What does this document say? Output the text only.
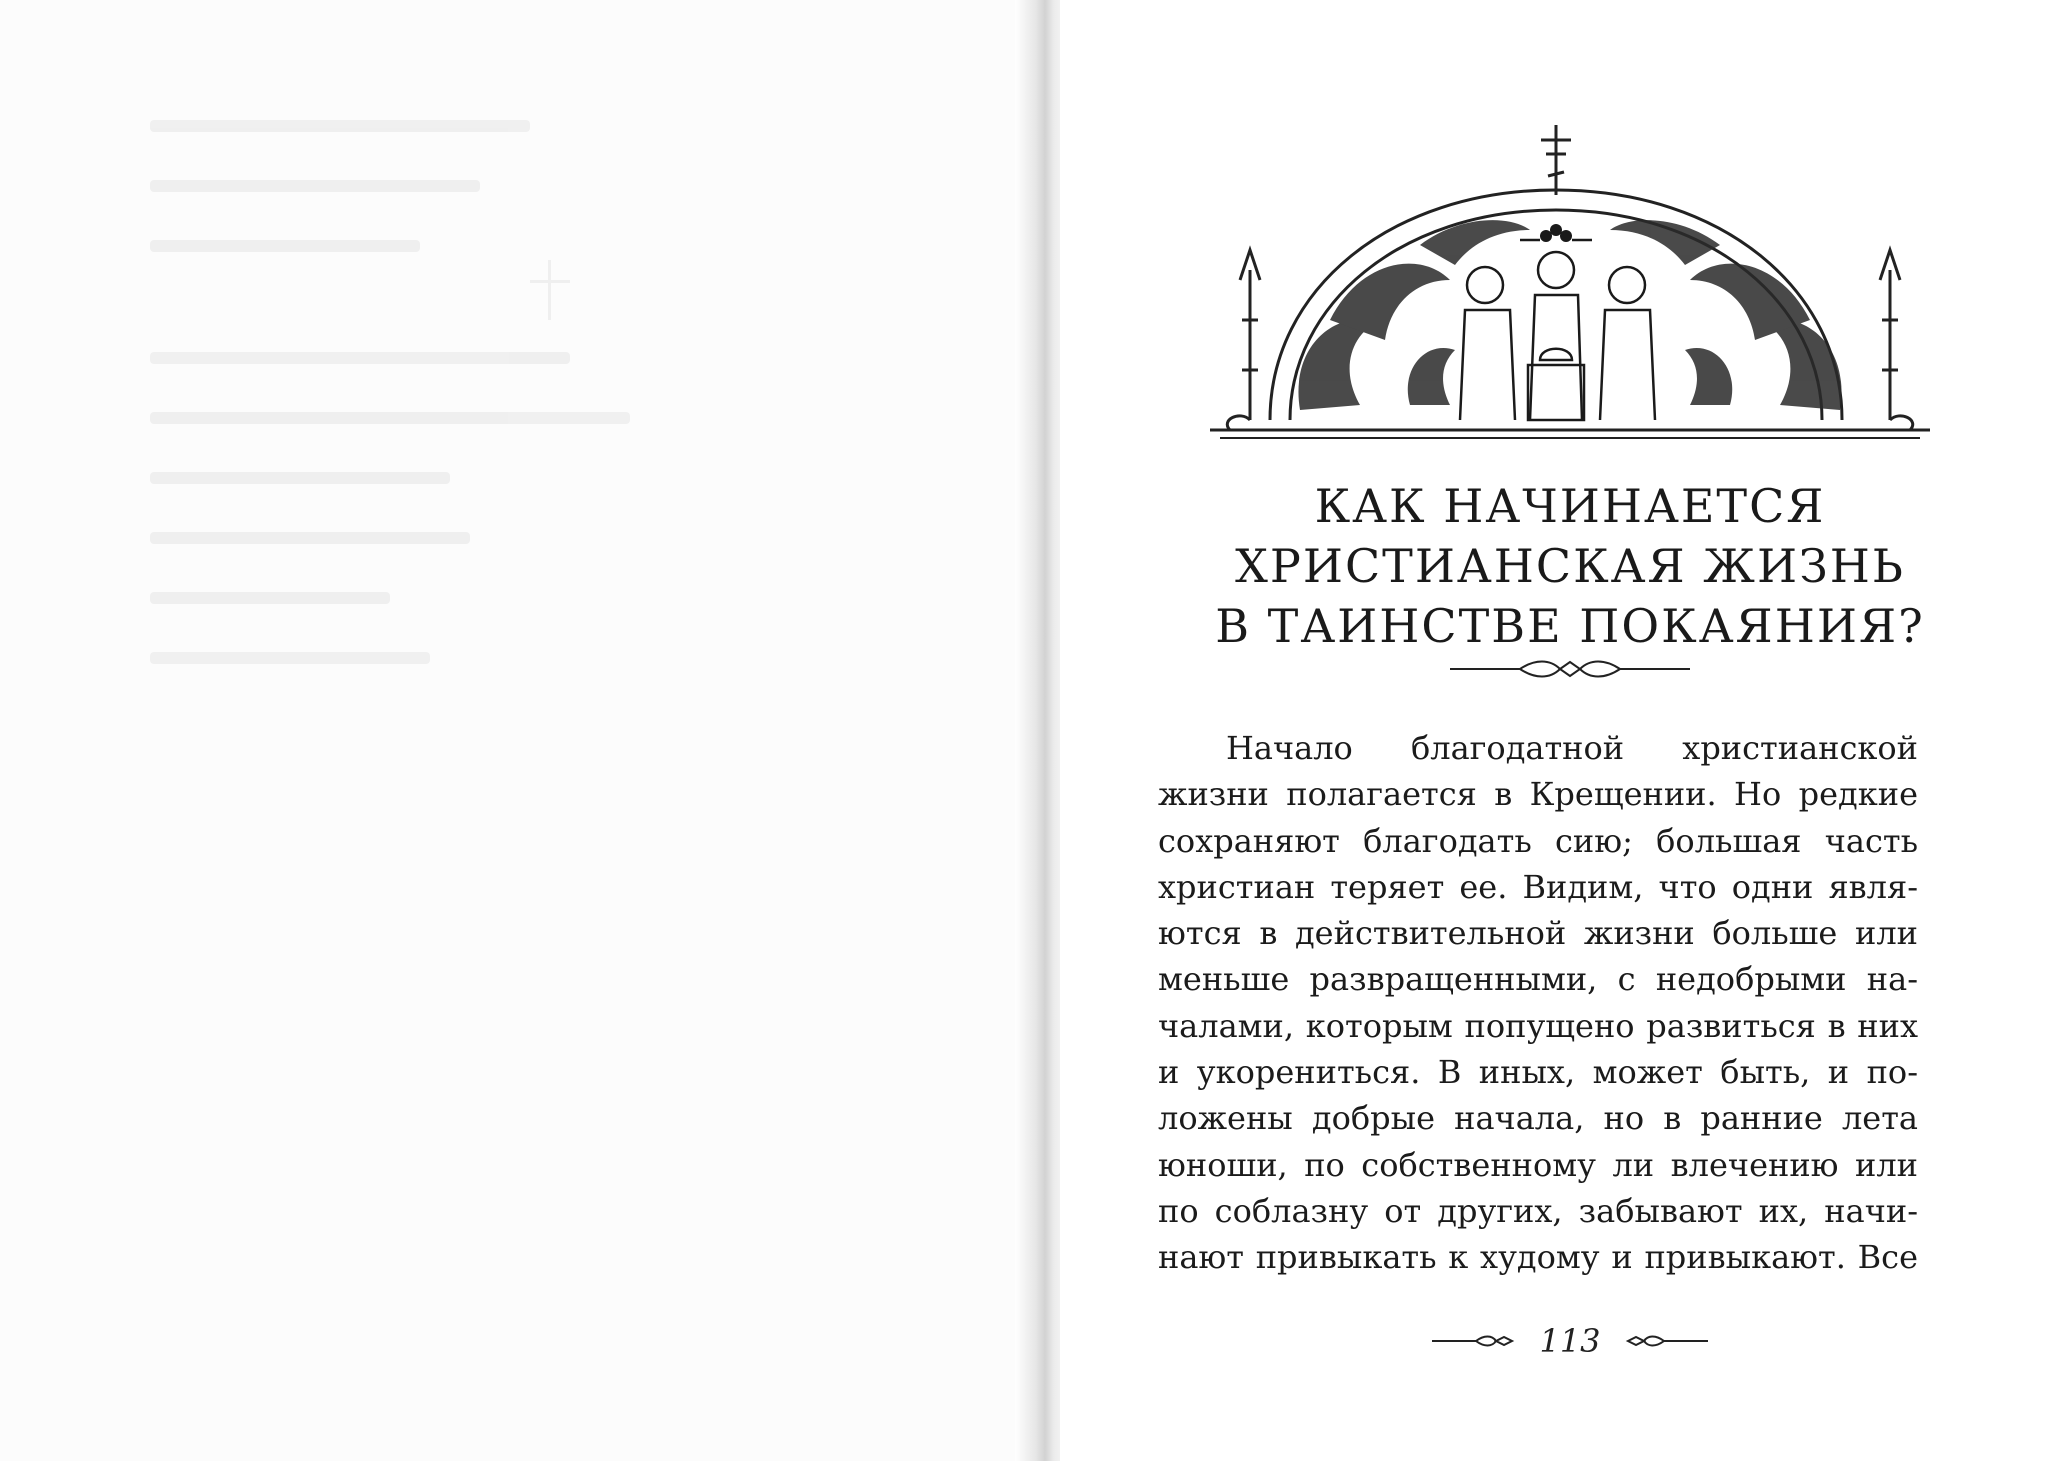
КАК НАЧИНАЕТСЯ
ХРИСТИАНСКАЯ ЖИЗНЬ
В ТАИНСТВЕ ПОКАЯНИЯ?

Начало благодатной христианской
жизни полагается в Крещении. Но редкие
сохраняют благодать сию; большая часть
христиан теряет ее. Видим, что одни явля-
ются в действительной жизни больше или
меньше развращенными, с недобрыми на-
чалами, которым попущено развиться в них
и укорениться. В иных, может быть, и по-
ложены добрые начала, но в ранние лета
юноши, по собственному ли влечению или
по соблазну от других, забывают их, начи-
нают привыкать к худому и привыкают. Все

113
